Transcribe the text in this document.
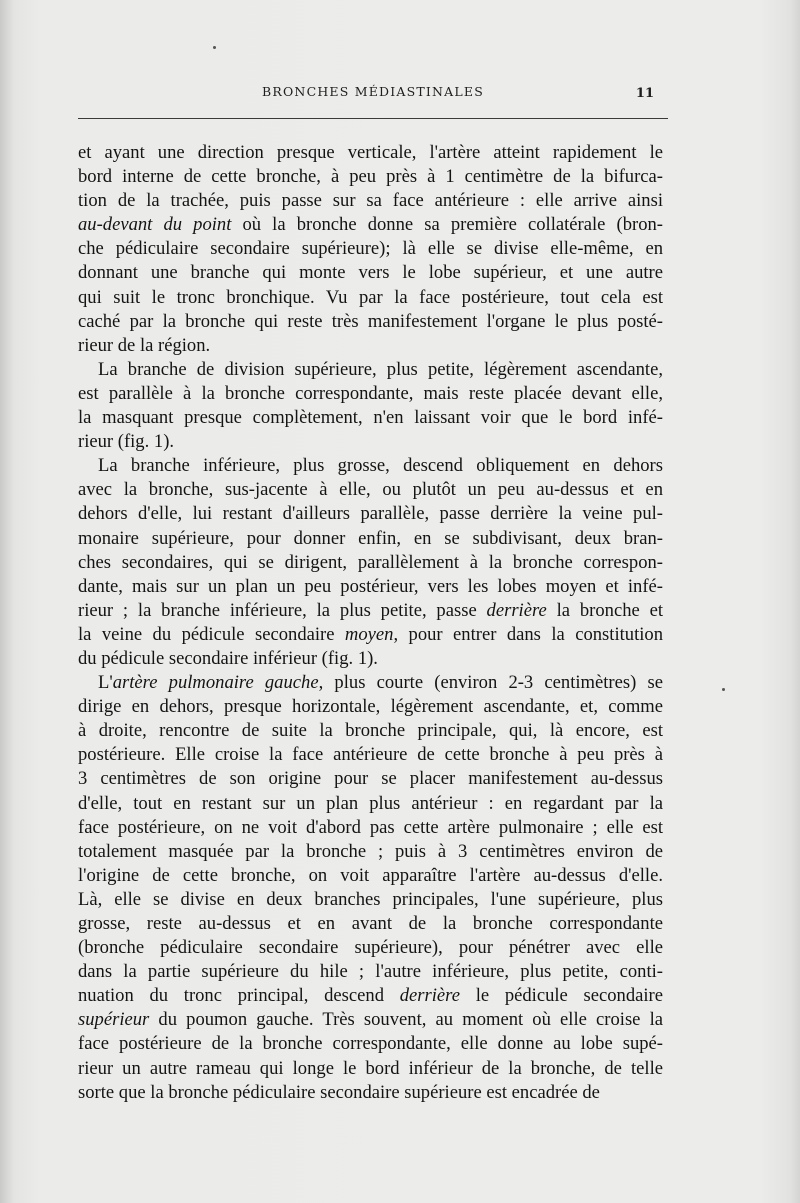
BRONCHES MÉDIASTINALES	11
et ayant une direction presque verticale, l'artère atteint rapidement le
bord interne de cette bronche, à peu près à 1 centimètre de la bifurca-
tion de la trachée, puis passe sur sa face antérieure : elle arrive ainsi
au-devant du point où la bronche donne sa première collatérale (bron-
che pédiculaire secondaire supérieure); là elle se divise elle-même, en
donnant une branche qui monte vers le lobe supérieur, et une autre
qui suit le tronc bronchique. Vu par la face postérieure, tout cela est
caché par la bronche qui reste très manifestement l'organe le plus posté-
rieur de la région.
La branche de division supérieure, plus petite, légèrement ascendante,
est parallèle à la bronche correspondante, mais reste placée devant elle,
la masquant presque complètement, n'en laissant voir que le bord infé-
rieur (fig. 1).
La branche inférieure, plus grosse, descend obliquement en dehors
avec la bronche, sus-jacente à elle, ou plutôt un peu au-dessus et en
dehors d'elle, lui restant d'ailleurs parallèle, passe derrière la veine pul-
monaire supérieure, pour donner enfin, en se subdivisant, deux bran-
ches secondaires, qui se dirigent, parallèlement à la bronche correspon-
dante, mais sur un plan un peu postérieur, vers les lobes moyen et infé-
rieur ; la branche inférieure, la plus petite, passe derrière la bronche et
la veine du pédicule secondaire moyen, pour entrer dans la constitution
du pédicule secondaire inférieur (fig. 1).
L'artère pulmonaire gauche, plus courte (environ 2-3 centimètres) se
dirige en dehors, presque horizontale, légèrement ascendante, et, comme
à droite, rencontre de suite la bronche principale, qui, là encore, est
postérieure. Elle croise la face antérieure de cette bronche à peu près à
3 centimètres de son origine pour se placer manifestement au-dessus
d'elle, tout en restant sur un plan plus antérieur : en regardant par la
face postérieure, on ne voit d'abord pas cette artère pulmonaire ; elle est
totalement masquée par la bronche ; puis à 3 centimètres environ de
l'origine de cette bronche, on voit apparaître l'artère au-dessus d'elle.
Là, elle se divise en deux branches principales, l'une supérieure, plus
grosse, reste au-dessus et en avant de la bronche correspondante
(bronche pédiculaire secondaire supérieure), pour pénétrer avec elle
dans la partie supérieure du hile ; l'autre inférieure, plus petite, conti-
nuation du tronc principal, descend derrière le pédicule secondaire
supérieur du poumon gauche. Très souvent, au moment où elle croise la
face postérieure de la bronche correspondante, elle donne au lobe supé-
rieur un autre rameau qui longe le bord inférieur de la bronche, de telle
sorte que la bronche pédiculaire secondaire supérieure est encadrée de
